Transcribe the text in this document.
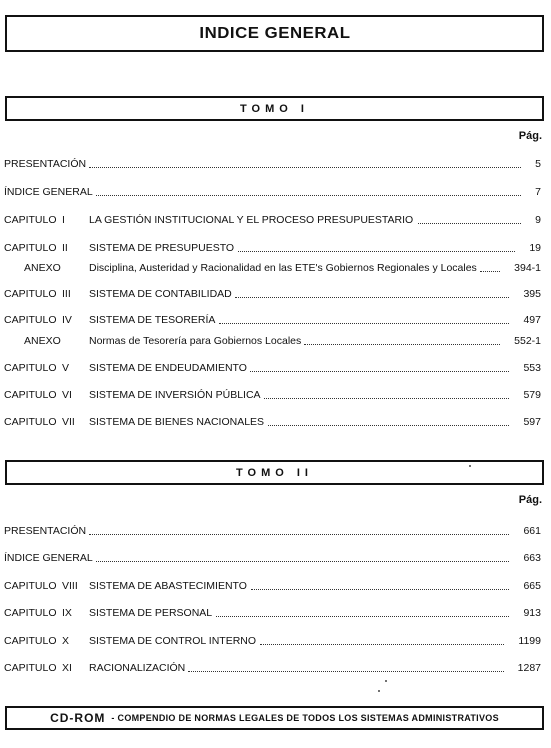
INDICE GENERAL
TOMO I
Pág.
PRESENTACIÓN	5
ÍNDICE GENERAL	7
CAPITULO I LA GESTIÓN INSTITUCIONAL Y EL PROCESO PRESUPUESTARIO	9
CAPITULO II SISTEMA DE PRESUPUESTO	19
ANEXO	Disciplina, Austeridad y Racionalidad en las ETE's Gobiernos Regionales y Locales	394-1
CAPITULO III SISTEMA DE CONTABILIDAD	395
CAPITULO IV SISTEMA DE TESORERÍA	497
ANEXO	Normas de Tesorería para Gobiernos Locales	552-1
CAPITULO V SISTEMA DE ENDEUDAMIENTO	553
CAPITULO VI SISTEMA DE INVERSIÓN PÚBLICA	579
CAPITULO VII SISTEMA DE BIENES NACIONALES	597
TOMO II
Pág.
PRESENTACIÓN	661
ÍNDICE GENERAL	663
CAPITULO VIII SISTEMA DE ABASTECIMIENTO	665
CAPITULO IX SISTEMA DE PERSONAL	913
CAPITULO X SISTEMA DE CONTROL INTERNO	1199
CAPITULO XI RACIONALIZACIÓN	1287
CD-ROM - COMPENDIO DE NORMAS LEGALES DE TODOS LOS SISTEMAS ADMINISTRATIVOS
